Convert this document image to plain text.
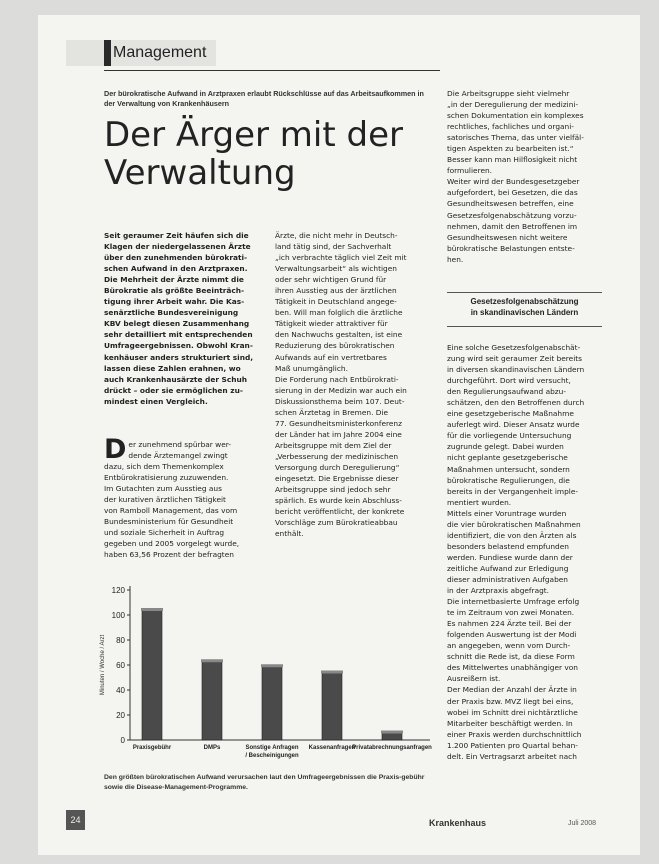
Management
Der bürokratische Aufwand in Arztpraxen erlaubt Rückschlüsse auf das Arbeitsaufkommen in der Verwaltung von Krankenhäusern
Der Ärger mit der Verwaltung

Seit geraumer Zeit häufen sich die
Klagen der niedergelassenen Ärzte
über den zunehmenden bürokrati-
schen Aufwand in den Arztpraxen.
Die Mehrheit der Ärzte nimmt die
Bürokratie als größte Beeinträch-
tigung ihrer Arbeit wahr. Die Kas-
senärztliche Bundesvereinigung
KBV belegt diesen Zusammenhang
sehr detailliert mit entsprechenden
Umfrageergebnissen. Obwohl Kran-
kenhäuser anders strukturiert sind,
lassen diese Zahlen erahnen, wo
auch Krankenhausärzte der Schuh
drückt – oder sie ermöglichen zu-
mindest einen Vergleich.

D er zunehmend spürbar wer-
dende Ärztemangel zwingt
dazu, sich dem Themenkomplex
Entbürokratisierung zuzuwenden.
Im Gutachten zum Ausstieg aus
der kurativen ärztlichen Tätigkeit
von Ramboll Management, das vom
Bundesministerium für Gesundheit
und soziale Sicherheit in Auftrag
gegeben und 2005 vorgelegt wurde,
haben 63,56 Prozent der befragten

Ärzte, die nicht mehr in Deutsch-
land tätig sind, der Sachverhalt
„ich verbrachte täglich viel Zeit mit
Verwaltungsarbeit“ als wichtigen
oder sehr wichtigen Grund für
ihren Ausstieg aus der ärztlichen
Tätigkeit in Deutschland angege-
ben. Will man folglich die ärztliche
Tätigkeit wieder attraktiver für
den Nachwuchs gestalten, ist eine
Reduzierung des bürokratischen
Aufwands auf ein vertretbares
Maß unumgänglich.
Die Forderung nach Entbürokrati-
sierung in der Medizin war auch ein
Diskussionsthema beim 107. Deut-
schen Ärztetag in Bremen. Die
77. Gesundheitsministerkonferenz
der Länder hat im Jahre 2004 eine
Arbeitsgruppe mit dem Ziel der
„Verbesserung der medizinischen
Versorgung durch Deregulierung“
eingesetzt. Die Ergebnisse dieser
Arbeitsgruppe sind jedoch sehr
spärlich. Es wurde kein Abschluss-
bericht veröffentlicht, der konkrete
Vorschläge zum Bürokratieabbau
enthält.

Die Arbeitsgruppe sieht vielmehr
„in der Deregulierung der medizini-
schen Dokumentation ein komplexes
rechtliches, fachliches und organi-
satorisches Thema, das unter vielfäl-
tigen Aspekten zu bearbeiten ist.“
Besser kann man Hilflosigkeit nicht
formulieren.
Weiter wird der Bundesgesetzgeber
aufgefordert, bei Gesetzen, die das
Gesundheitswesen betreffen, eine
Gesetzesfolgenabschätzung vorzu-
nehmen, damit den Betroffenen im
Gesundheitswesen nicht weitere
bürokratische Belastungen entste-
hen.

Gesetzesfolgenabschätzung
in skandinavischen Ländern

Eine solche Gesetzesfolgenabschät-
zung wird seit geraumer Zeit bereits
in diversen skandinavischen Ländern
durchgeführt. Dort wird versucht,
den Regulierungsaufwand abzu-
schätzen, den den Betroffenen durch
eine gesetzgeberische Maßnahme
auferlegt wird. Dieser Ansatz wurde
für die vorliegende Untersuchung
zugrunde gelegt. Dabei wurden
nicht geplante gesetzgeberische
Maßnahmen untersucht, sondern
bürokratische Regulierungen, die
bereits in der Vergangenheit imple-
mentiert wurden.
Mittels einer Voruntrage wurden
die vier bürokratischen Maßnahmen
identifiziert, die von den Ärzten als
besonders belastend empfunden
werden. Fundiese wurde dann der
zeitliche Aufwand zur Erledigung
dieser administrativen Aufgaben
in der Arztpraxis abgefragt.
Die internetbasierte Umfrage erfolg
te im Zeitraum von zwei Monaten.
Es nahmen 224 Ärzte teil. Bei der
folgenden Auswertung ist der Modi
an angegeben, wenn vom Durch-
schnitt die Rede ist, da diese Form
des Mittelwertes unabhängiger von
Ausreißern ist.
Der Median der Anzahl der Ärzte in
der Praxis bzw. MVZ liegt bei eins,
wobei im Schnitt drei nichtärztliche
Mitarbeiter beschäftigt werden. In
einer Praxis werden durchschnittlich
1.200 Patienten pro Quartal behan-
delt. Ein Vertragsarzt arbeitet nach

0
20
40
60
80
100
120
Minuten / Woche / Arzt
Praxisgebühr	DMPs	Sonstige Anfragen
/ Bescheinigungen
Kassenanfragen
Privatabrechnungsanfragen
Den größten bürokratischen Aufwand verursachen laut den Umfrageergebnissen die Praxis-gebühr sowie die Disease-Management-Programme.
24	Krankenhaus	Juli 2008
